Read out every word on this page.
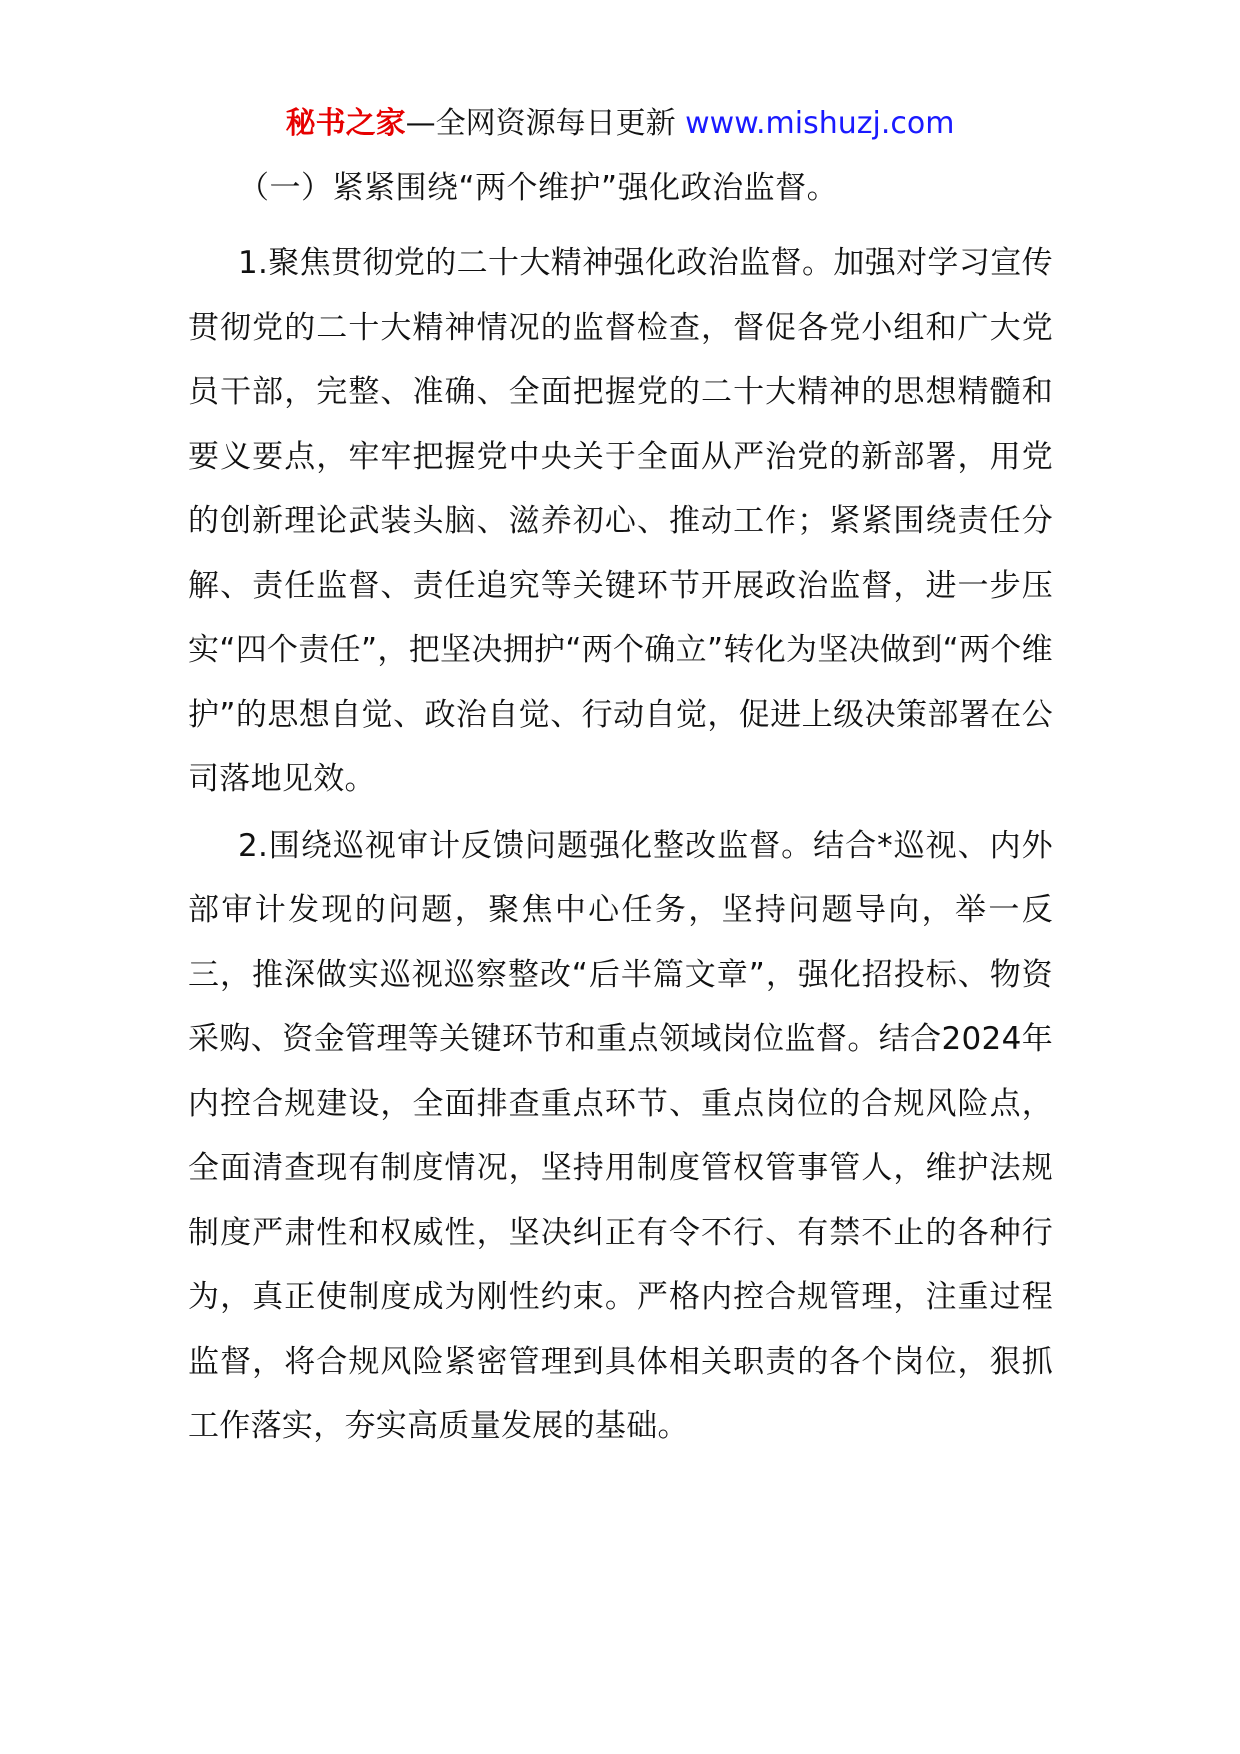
秘书之家—全网资源每日更新 www.mishuzj.com
（一）紧紧围绕“两个维护”强化政治监督。

1.聚焦贯彻党的二十大精神强化政治监督。加强对学习宣传贯彻党的二十大精神情况的监督检查，督促各党小组和广大党员干部，完整、准确、全面把握党的二十大精神的思想精髓和要义要点，牢牢把握党中央关于全面从严治党的新部署，用党的创新理论武装头脑、滋养初心、推动工作；紧紧围绕责任分解、责任监督、责任追究等关键环节开展政治监督，进一步压实“四个责任”，把坚决拥护“两个确立”转化为坚决做到“两个维护”的思想自觉、政治自觉、行动自觉，促进上级决策部署在公司落地见效。

2.围绕巡视审计反馈问题强化整改监督。结合*巡视、内外部审计发现的问题，聚焦中心任务，坚持问题导向，举一反三，推深做实巡视巡察整改“后半篇文章”，强化招投标、物资采购、资金管理等关键环节和重点领域岗位监督。结合2024年内控合规建设，全面排查重点环节、重点岗位的合规风险点，全面清查现有制度情况，坚持用制度管权管事管人，维护法规制度严肃性和权威性，坚决纠正有令不行、有禁不止的各种行为，真正使制度成为刚性约束。严格内控合规管理，注重过程监督，将合规风险紧密管理到具体相关职责的各个岗位，狠抓工作落实，夯实高质量发展的基础。
